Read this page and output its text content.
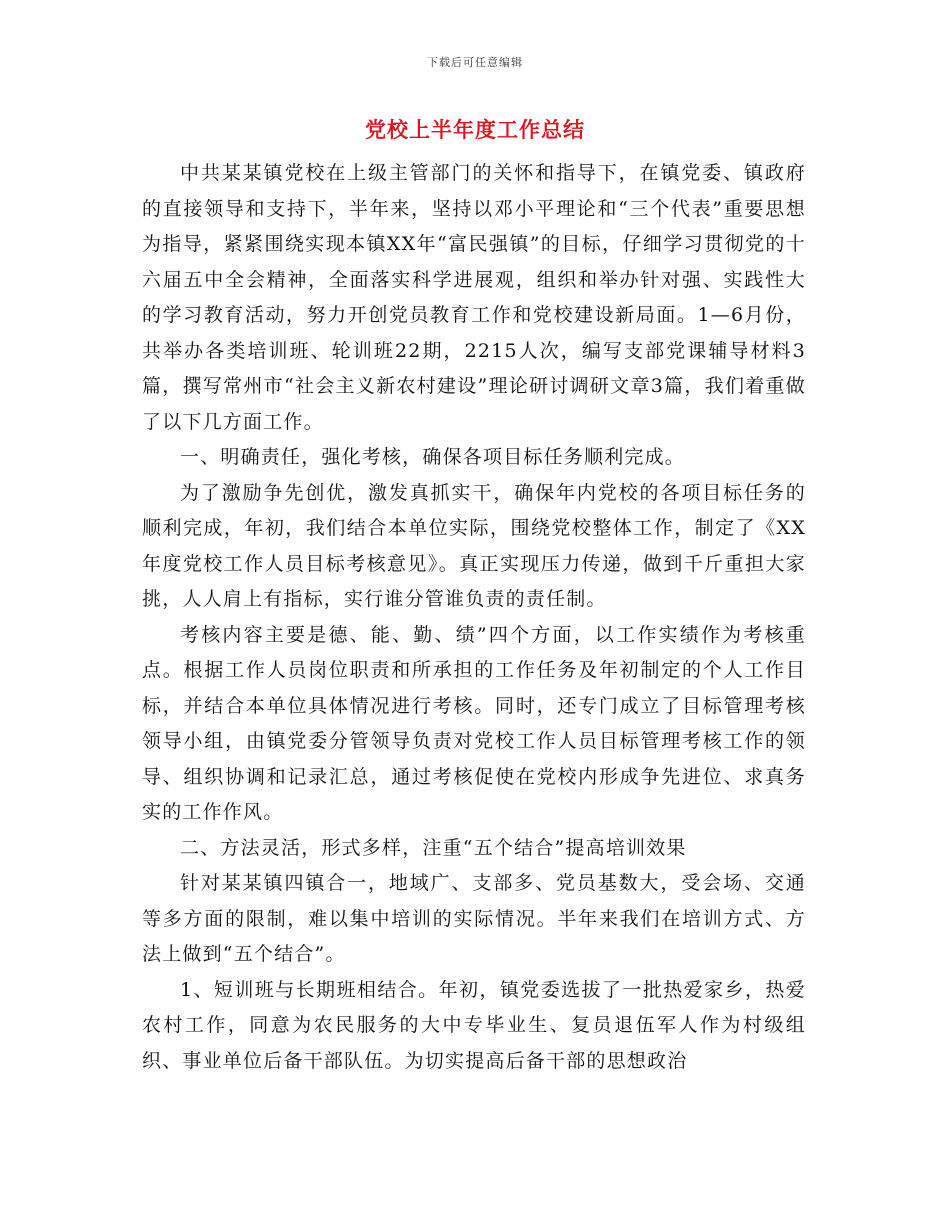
下载后可任意编辑
党校上半年度工作总结

中共某某镇党校在上级主管部门的关怀和指导下，在镇党委、镇政府的直接领导和支持下，半年来，坚持以邓小平理论和“三个代表”重要思想为指导，紧紧围绕实现本镇XX年“富民强镇”的目标，仔细学习贯彻党的十六届五中全会精神，全面落实科学进展观，组织和举办针对强、实践性大的学习教育活动，努力开创党员教育工作和党校建设新局面。1—6月份，共举办各类培训班、轮训班22期，2215人次，编写支部党课辅导材料3篇，撰写常州市“社会主义新农村建设”理论研讨调研文章3篇，我们着重做了以下几方面工作。

一、明确责任，强化考核，确保各项目标任务顺利完成。

为了激励争先创优，激发真抓实干，确保年内党校的各项目标任务的顺利完成，年初，我们结合本单位实际，围绕党校整体工作，制定了《XX年度党校工作人员目标考核意见》。真正实现压力传递，做到千斤重担大家挑，人人肩上有指标，实行谁分管谁负责的责任制。

考核内容主要是德、能、勤、绩”四个方面，以工作实绩作为考核重点。根据工作人员岗位职责和所承担的工作任务及年初制定的个人工作目标，并结合本单位具体情况进行考核。同时，还专门成立了目标管理考核领导小组，由镇党委分管领导负责对党校工作人员目标管理考核工作的领导、组织协调和记录汇总，通过考核促使在党校内形成争先进位、求真务实的工作作风。

二、方法灵活，形式多样，注重“五个结合”提高培训效果

针对某某镇四镇合一，地域广、支部多、党员基数大，受会场、交通等多方面的限制，难以集中培训的实际情况。半年来我们在培训方式、方法上做到“五个结合”。

1、短训班与长期班相结合。年初，镇党委选拔了一批热爱家乡，热爱农村工作，同意为农民服务的大中专毕业生、复员退伍军人作为村级组织、事业单位后备干部队伍。为切实提高后备干部的思想政治
